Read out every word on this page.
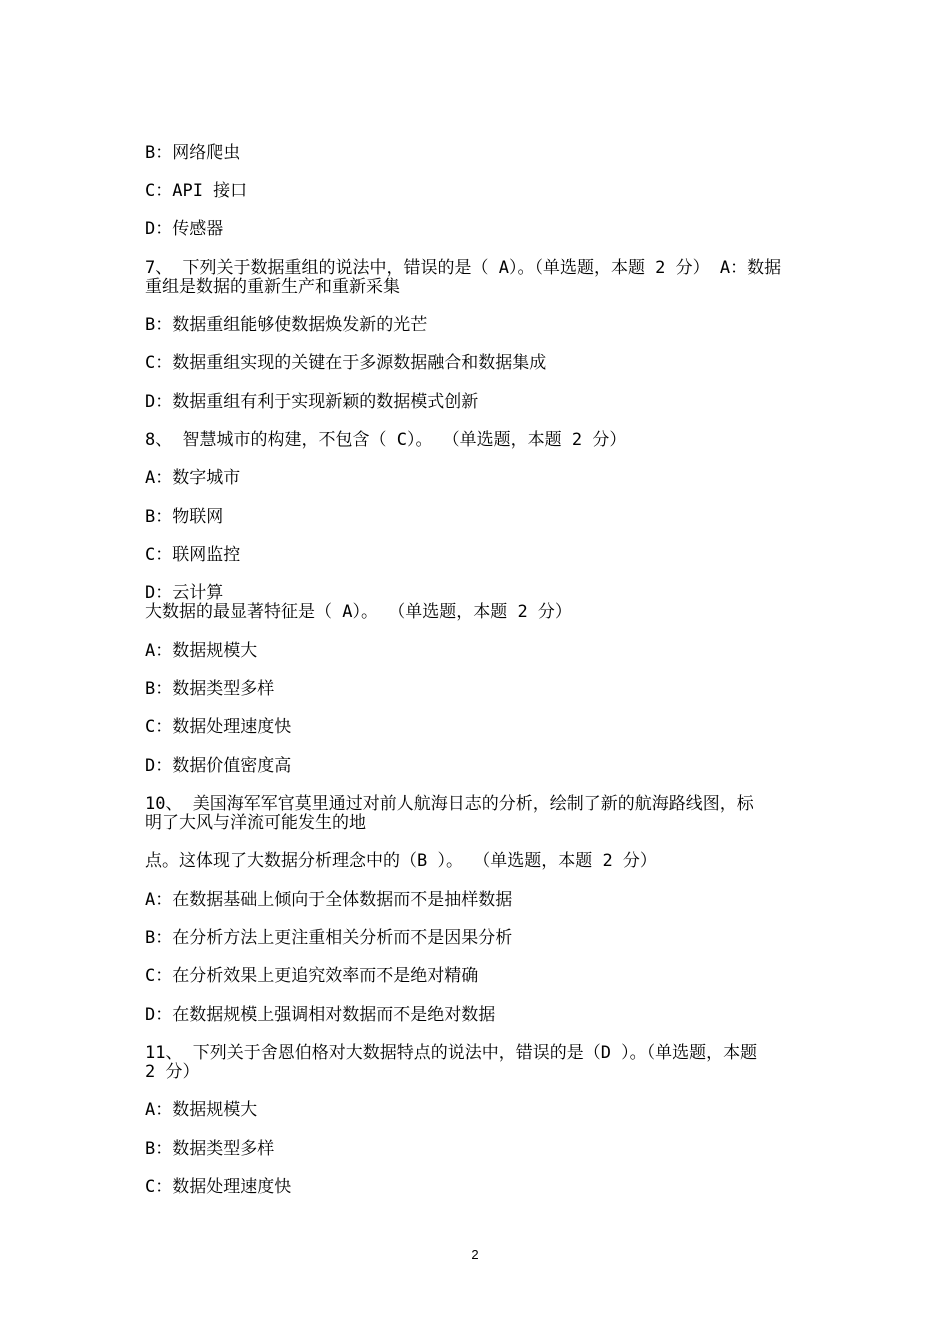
B：网络爬虫
C：API 接口
D：传感器
7、 下列关于数据重组的说法中，错误的是（ A）。（单选题，本题 2 分） A：数据
重组是数据的重新生产和重新采集
B：数据重组能够使数据焕发新的光芒
C：数据重组实现的关键在于多源数据融合和数据集成
D：数据重组有利于实现新颖的数据模式创新
8、 智慧城市的构建，不包含（ C）。 （单选题，本题 2 分）
A：数字城市
B：物联网
C：联网监控
D：云计算
大数据的最显著特征是（ A）。 （单选题，本题 2 分）
A：数据规模大
B：数据类型多样
C：数据处理速度快
D：数据价值密度高
10、 美国海军军官莫里通过对前人航海日志的分析，绘制了新的航海路线图，标
明了大风与洋流可能发生的地
点。这体现了大数据分析理念中的（B ）。 （单选题，本题 2 分）
A：在数据基础上倾向于全体数据而不是抽样数据
B：在分析方法上更注重相关分析而不是因果分析
C：在分析效果上更追究效率而不是绝对精确
D：在数据规模上强调相对数据而不是绝对数据
11、 下列关于舍恩伯格对大数据特点的说法中，错误的是（D ）。（单选题，本题
2 分）
A：数据规模大
B：数据类型多样
C：数据处理速度快
2
